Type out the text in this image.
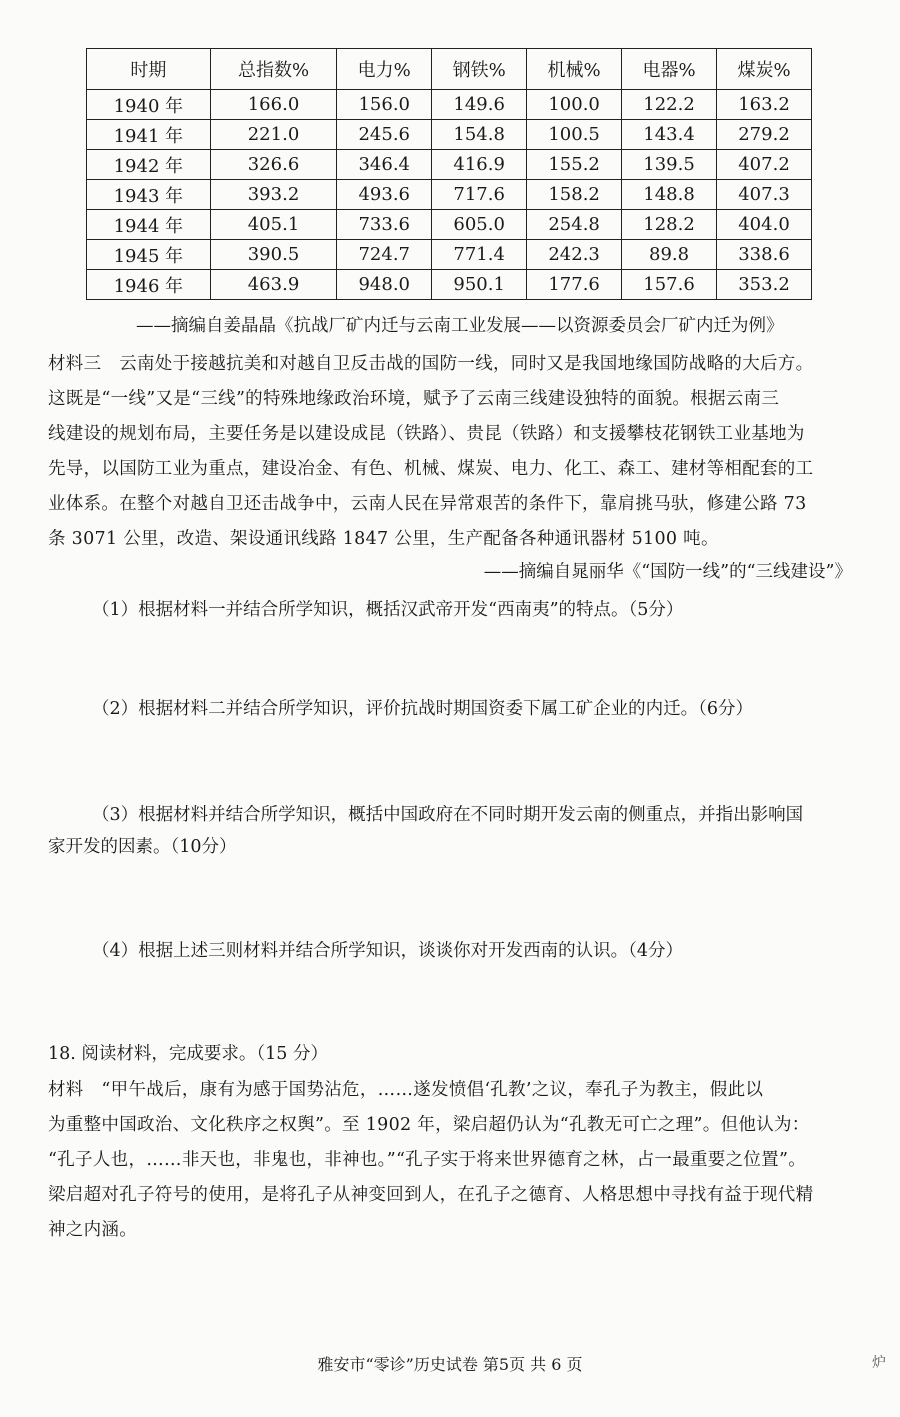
时期	总指数%	电力%	钢铁%	机械%	电器%	煤炭%
1940 年	166.0	156.0	149.6	100.0	122.2	163.2
1941 年	221.0	245.6	154.8	100.5	143.4	279.2
1942 年	326.6	346.4	416.9	155.2	139.5	407.2
1943 年	393.2	493.6	717.6	158.2	148.8	407.3
1944 年	405.1	733.6	605.0	254.8	128.2	404.0
1945 年	390.5	724.7	771.4	242.3	89.8	338.6
1946 年	463.9	948.0	950.1	177.6	157.6	353.2
——摘编自姜晶晶《抗战厂矿内迁与云南工业发展——以资源委员会厂矿内迁为例》
材料三　云南处于接越抗美和对越自卫反击战的国防一线，同时又是我国地缘国防战略的大后方。
这既是“一线”又是“三线”的特殊地缘政治环境，赋予了云南三线建设独特的面貌。根据云南三
线建设的规划布局，主要任务是以建设成昆（铁路）、贵昆（铁路）和支援攀枝花钢铁工业基地为
先导，以国防工业为重点，建设冶金、有色、机械、煤炭、电力、化工、森工、建材等相配套的工
业体系。在整个对越自卫还击战争中，云南人民在异常艰苦的条件下，靠肩挑马驮，修建公路 73
条 3071 公里，改造、架设通讯线路 1847 公里，生产配备各种通讯器材 5100 吨。
——摘编自晁丽华《“国防一线”的“三线建设”》
（1）根据材料一并结合所学知识，概括汉武帝开发“西南夷”的特点。（5分）
（2）根据材料二并结合所学知识，评价抗战时期国资委下属工矿企业的内迁。（6分）
（3）根据材料并结合所学知识，概括中国政府在不同时期开发云南的侧重点，并指出影响国
家开发的因素。（10分）
（4）根据上述三则材料并结合所学知识，谈谈你对开发西南的认识。（4分）
18. 阅读材料，完成要求。（15 分）
材料　“甲午战后，康有为感于国势沾危，……遂发愤倡‘孔教’之议，奉孔子为教主，假此以
为重整中国政治、文化秩序之权舆”。至 1902 年，梁启超仍认为“孔教无可亡之理”。但他认为：
“孔子人也，……非天也，非鬼也，非神也。”“孔子实于将来世界德育之林，占一最重要之位置”。
梁启超对孔子符号的使用，是将孔子从神变回到人，在孔子之德育、人格思想中寻找有益于现代精
神之内涵。
雅安市“零诊”历史试卷 第5页 共 6 页	炉
